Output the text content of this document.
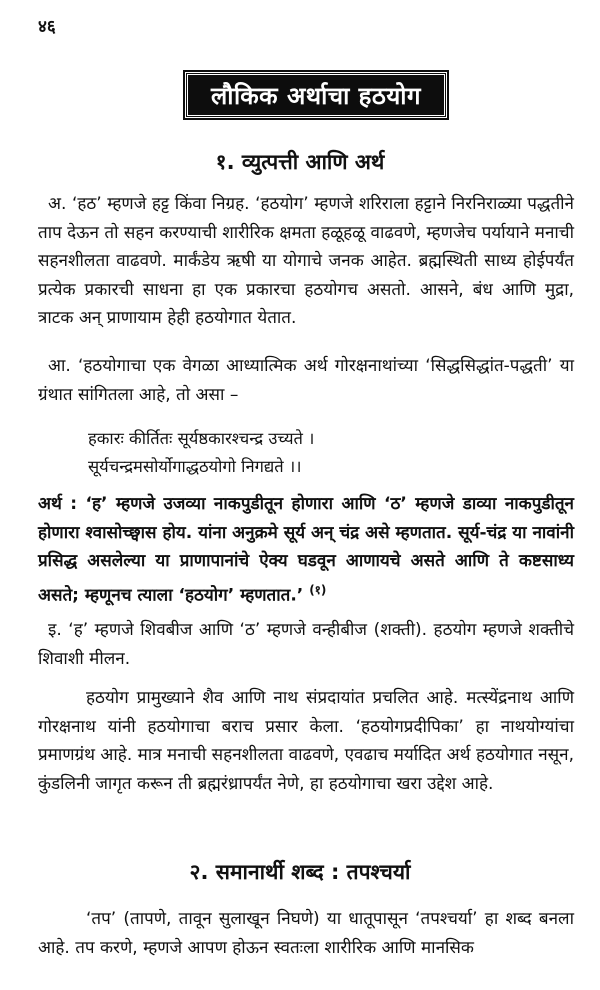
४६
लौकिक अर्थाचा हठयोग
१. व्युत्पत्ती आणि अर्थ
अ. ‘हठ’ म्हणजे हट्ट किंवा निग्रह. ‘हठयोग’ म्हणजे शरिराला हट्टाने निरनिराळ्या पद्धतीने ताप देऊन तो सहन करण्याची शारीरिक क्षमता हळूहळू वाढवणे, म्हणजेच पर्यायाने मनाची सहनशीलता वाढवणे. मार्कंडेय ऋषी या योगाचे जनक आहेत. ब्रह्मस्थिती साध्य होईपर्यंत प्रत्येक प्रकारची साधना हा एक प्रकारचा हठयोगच असतो. आसने, बंध आणि मुद्रा, त्राटक अन् प्राणायाम हेही हठयोगात येतात.
आ. ‘हठयोगाचा एक वेगळा आध्यात्मिक अर्थ गोरक्षनाथांच्या ‘सिद्धसिद्धांत-पद्धती’ या ग्रंथात सांगितला आहे, तो असा –
हकारः कीर्तितः सूर्यष्ठकारश्चन्द्र उच्यते ।
सूर्यचन्द्रमसोर्योगाद्धठयोगो निगद्यते ।।
अर्थ : ‘ह’ म्हणजे उजव्या नाकपुडीतून होणारा आणि ‘ठ’ म्हणजे डाव्या नाकपुडीतून होणारा श्वासोच्छ्वास होय. यांना अनुक्रमे सूर्य अन् चंद्र असे म्हणतात. सूर्य-चंद्र या नावांनी प्रसिद्ध असलेल्या या प्राणापानांचे ऐक्य घडवून आणायचे असते आणि ते कष्टसाध्य असते; म्हणूनच त्याला ‘हठयोग’ म्हणतात.’ $^{(१)}$
इ. ‘ह’ म्हणजे शिवबीज आणि ‘ठ’ म्हणजे वन्हीबीज (शक्ती). हठयोग म्हणजे शक्तीचे शिवाशी मीलन.
हठयोग प्रामुख्याने शैव आणि नाथ संप्रदायांत प्रचलित आहे. मत्स्येंद्रनाथ आणि गोरक्षनाथ यांनी हठयोगाचा बराच प्रसार केला. ‘हठयोगप्रदीपिका’ हा नाथयोग्यांचा प्रमाणग्रंथ आहे. मात्र मनाची सहनशीलता वाढवणे, एवढाच मर्यादित अर्थ हठयोगात नसून, कुंडलिनी जागृत करून ती ब्रह्मरंध्रापर्यंत नेणे, हा हठयोगाचा खरा उद्देश आहे.
२. समानार्थी शब्द : तपश्चर्या
‘तप’ (तापणे, तावून सुलाखून निघणे) या धातूपासून ‘तपश्चर्या’ हा शब्द बनला आहे. तप करणे, म्हणजे आपण होऊन स्वतःला शारीरिक आणि मानसिक
